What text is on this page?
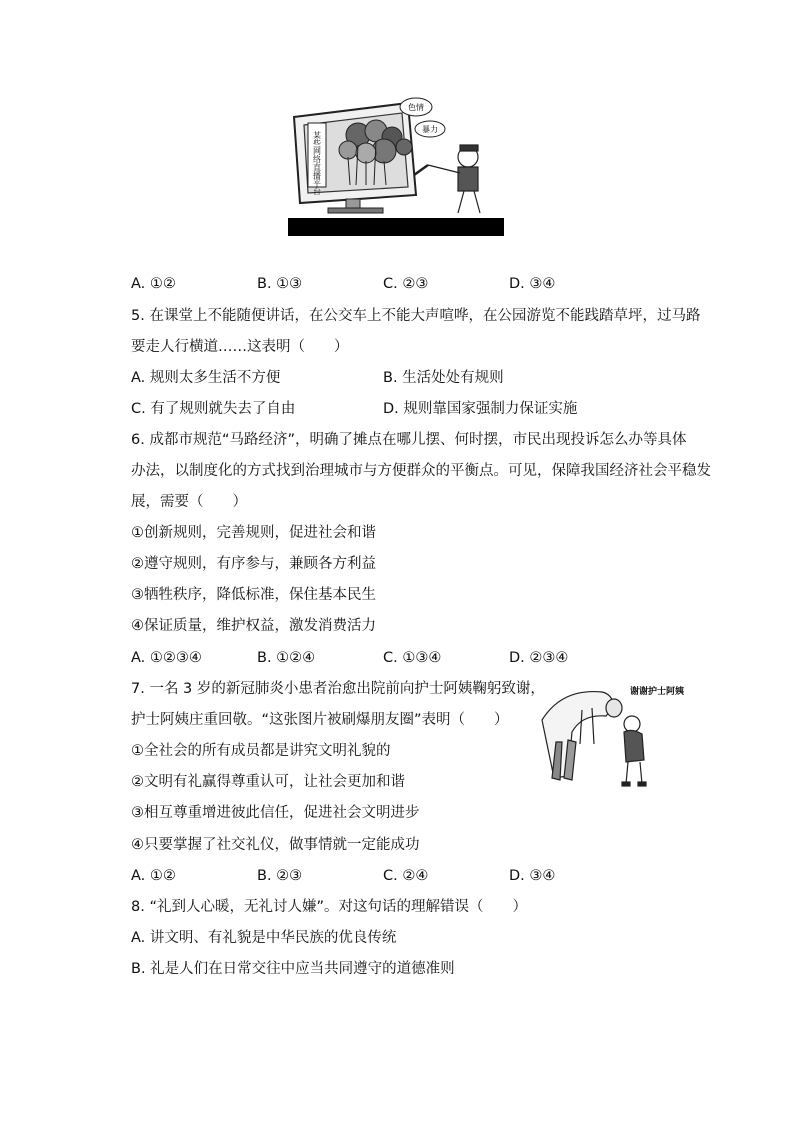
某些网络直播平台
色情
暴力
A. ①②	B. ①③	C. ②③	D. ③④
5. 在课堂上不能随便讲话，在公交车上不能大声喧哗，在公园游览不能践踏草坪，过马路
要走人行横道……这表明（　　）
A. 规则太多生活不方便	B. 生活处处有规则
C. 有了规则就失去了自由	D. 规则靠国家强制力保证实施
6. 成都市规范“马路经济”，明确了摊点在哪儿摆、何时摆，市民出现投诉怎么办等具体
办法，以制度化的方式找到治理城市与方便群众的平衡点。可见，保障我国经济社会平稳发
展，需要（　　）
①创新规则，完善规则，促进社会和谐
②遵守规则，有序参与，兼顾各方利益
③牺牲秩序，降低标准，保住基本民生
④保证质量，维护权益，激发消费活力
A. ①②③④	B. ①②④	C. ①③④	D. ②③④
7. 一名 3 岁的新冠肺炎小患者治愈出院前向护士阿姨鞠躬致谢，
护士阿姨庄重回敬。“这张图片被刷爆朋友圈”表明（　　）
①全社会的所有成员都是讲究文明礼貌的
②文明有礼赢得尊重认可，让社会更加和谐
③相互尊重增进彼此信任，促进社会文明进步
④只要掌握了社交礼仪，做事情就一定能成功
A. ①②	B. ②③	C. ②④	D. ③④
谢谢护士阿姨
8. “礼到人心暖，无礼讨人嫌”。对这句话的理解错误（　　）
A. 讲文明、有礼貌是中华民族的优良传统
B. 礼是人们在日常交往中应当共同遵守的道德准则
